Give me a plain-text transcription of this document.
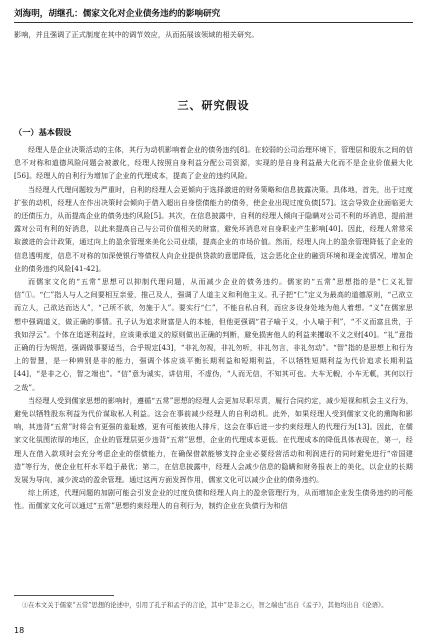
刘海明，胡继孔：儒家文化对企业债务违约的影响研究

影响，并且强调了正式制度在其中的调节效应，从而拓展该领域的相关研究。

三、研究假设
（一）基本假设

经理人是企业决策活动的主体，其行为动机影响着企业的债务违约[8]。在较弱的公司治理环境下，管理层和股东之间的信息不对称和道德风险问题会被激化，经理人按照自身利益分配公司资源，实现的是自身利益最大化而不是企业价值最大化[56]。经理人的自利行为增加了企业的代理成本，提高了企业的违约风险。

当经理人代理问题较为严重时，自利的经理人会更倾向于选择激进的财务策略和信息披露决策。具体地，首先，出于过度扩张的动机，经理人在作出决策时会倾向于借入超出自身偿债能力的债务，使企业出现过度负债[57]。这会导致企业面临更大的还债压力，从而提高企业的债务违约风险[5]。其次，在信息披露中，自利的经理人倾向于隐瞒对公司不利的坏消息，提前泄露对公司有利的好消息，以此来提高自己与公司价值相关的财富，避免坏消息对自身职业产生影响[40]。因此，经理人常常采取激进的会计政策，通过向上的盈余管理来美化公司业绩，提高企业的市场价值。然而，经理人向上的盈余管理降低了企业的信息透明度，信息不对称的加深使银行等债权人向企业提供贷款的意愿降低，这会恶化企业的融资环境和现金流情况，增加企业的债务违约风险[41-42]。

而儒家文化的“五常”思想可以抑制代理问题，从而减少企业的债务违约。儒家的“五常”思想指的是“仁义礼智信”①。“仁”指人与人之间要相互亲爱，推己及人，强调了人道主义和利他主义。孔子把“仁”定义为最高的道德原则，“己欲立而立人，己欲达而达人”，“己所不欲，勿施于人”。要实行“仁”，不能自私自利，而应多设身处地为他人着想。“义”在儒家思想中强调道义，做正确的事情。孔子认为追求财富是人的本能，但他更强调“君子喻于义，小人喻于利”，“不义而富且贵，于我如浮云”。个体在追逐利益时，应该秉承道义的原则做出正确的判断，避免损害他人的利益来攫取不义之财[40]。“礼”意指正确的行为规范，强调做事要适当，合乎规定[43]，“非礼勿视，非礼勿听，非礼勿言，非礼勿动”。“智”指的是思想上和行为上的智慧，是一种辨别是非的能力，强调个体应该平衡长期利益和短期利益，不以牺牲短期利益为代价追求长期利益[44]，“是非之心，智之端也”。“信”意为诚实，讲信用，不虚伪，“人而无信，不知其可也。大车无輗，小车无軏，其何以行之哉”。

当经理人受到儒家思想的影响时，遵循“五常”思想的经理人会更加尽职尽责，履行合同约定，减少短视和机会主义行为，避免以牺牲股东利益为代价谋取私人利益。这会在事前减少经理人的自利动机。此外，如果经理人受到儒家文化的熏陶和影响，其违背“五常”时将会有更强的羞耻感，更有可能被他人排斥，这会在事后进一步约束经理人的代理行为[13]。因此，在儒家文化氛围浓厚的地区，企业的管理层更少违背“五常”思想，企业的代理成本更低。在代理成本的降低具体表现在，第一，经理人在借入款项时会充分考虑企业的偿债能力，在确保借款能够支持企业必要经营活动和利润进行的同时避免进行“帝国建造”等行为，使企业杠杆水平趋于最优；第二，在信息披露中，经理人会减少信息的隐瞒和财务报表上的美化，以企业的长期发展为导向，减少波动的盈余管理。通过这两方面发挥作用，儒家文化可以减少企业的债务违约。

综上所述，代理问题的加剧可能会引发企业的过度负债和经理人向上的盈余管理行为，从而增加企业发生债务违约的可能性。而儒家文化可以通过“五常”思想约束经理人的自利行为，制约企业在负债行为和信

①在本文关于儒家“五常”思想的论述中，引用了孔子和孟子的言论，其中“是非之心，智之端也”出自《孟子》，其他均出自《论语》。
18
